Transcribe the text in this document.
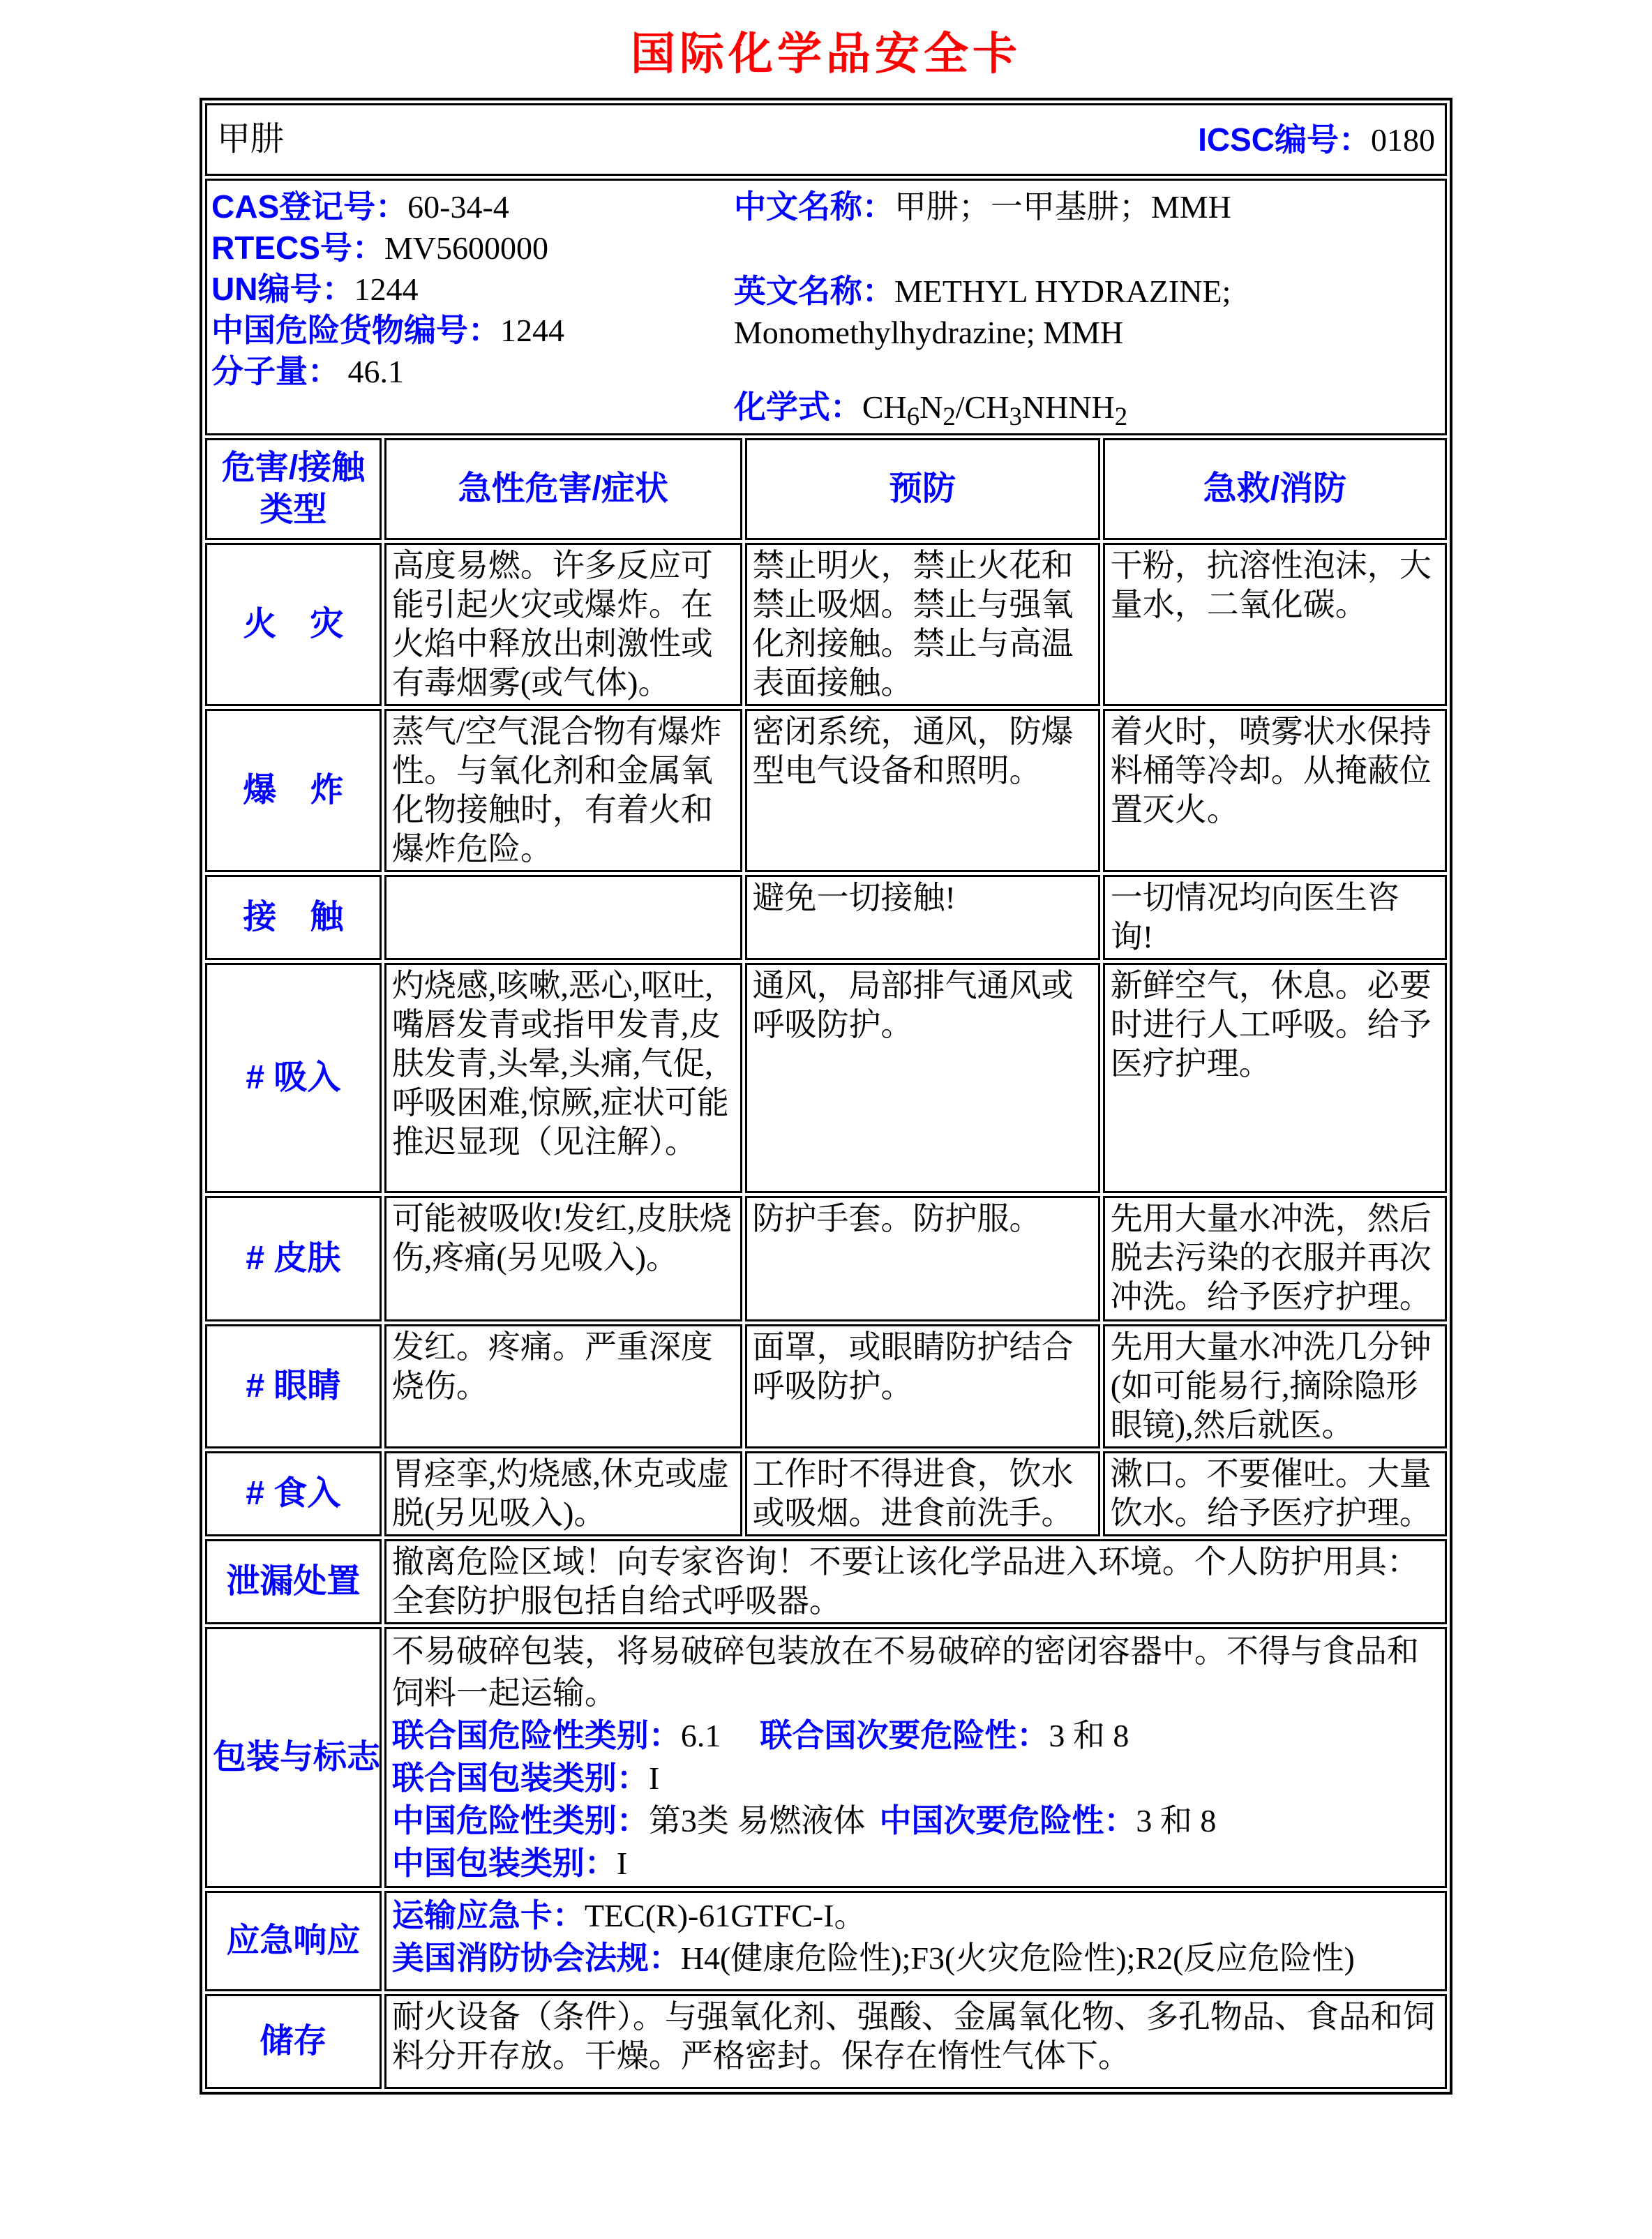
国际化学品安全卡
甲肼 ICSC编号：0180			

CAS登记号：60-34-4
RTECS号：MV5600000
UN编号：1244
中国危险货物编号：1244
分子量： 46.1
中文名称：甲肼；一甲基肼；MMH
英文名称：METHYL HYDRAZINE;
Monomethylhydrazine; MMH
化学式：$CH_6N_2/CH_3NHNH_2$

危害/接触
类型	急性危害/症状	预防	急救/消防
火　灾	高度易燃。许多反应可能引起火灾或爆炸。在火焰中释放出刺激性或有毒烟雾(或气体)。	禁止明火，禁止火花和禁止吸烟。禁止与强氧化剂接触。禁止与高温表面接触。	干粉，抗溶性泡沫，大量水，二氧化碳。
爆　炸	蒸气/空气混合物有爆炸性。与氧化剂和金属氧化物接触时，有着火和爆炸危险。	密闭系统，通风，防爆型电气设备和照明。	着火时，喷雾状水保持料桶等冷却。从掩蔽位置灭火。
接　触		避免一切接触!	一切情况均向医生咨询!
# 吸入	灼烧感,咳嗽,恶心,呕吐,嘴唇发青或指甲发青,皮肤发青,头晕,头痛,气促,呼吸困难,惊厥,症状可能推迟显现（见注解）。	通风，局部排气通风或呼吸防护。	新鲜空气，休息。必要时进行人工呼吸。给予医疗护理。
# 皮肤	可能被吸收!发红,皮肤烧伤,疼痛(另见吸入)。	防护手套。防护服。	先用大量水冲洗，然后脱去污染的衣服并再次冲洗。给予医疗护理。
# 眼睛	发红。疼痛。严重深度烧伤。	面罩，或眼睛防护结合呼吸防护。	先用大量水冲洗几分钟(如可能易行,摘除隐形眼镜),然后就医。
# 食入	胃痉挛,灼烧感,休克或虚脱(另见吸入)。	工作时不得进食，饮水或吸烟。进食前洗手。	漱口。不要催吐。大量饮水。给予医疗护理。
泄漏处置	撤离危险区域！向专家咨询！不要让该化学品进入环境。个人防护用具：全套防护服包括自给式呼吸器。		
包装与标志	不易破碎包装，将易破碎包装放在不易破碎的密闭容器中。不得与食品和饲料一起运输。
联合国危险性类别：6.1 联合国次要危险性：3 和 8
联合国包装类别：I
中国危险性类别：第3类 易燃液体 中国次要危险性：3 和 8
中国包装类别：I		

应急响应	运输应急卡：TEC(R)-61GTFC-I。
美国消防协会法规：H4(健康危险性);F3(火灾危险性);R2(反应危险性)		

储存	耐火设备（条件）。与强氧化剂、强酸、金属氧化物、多孔物品、食品和饲料分开存放。干燥。严格密封。保存在惰性气体下。		
